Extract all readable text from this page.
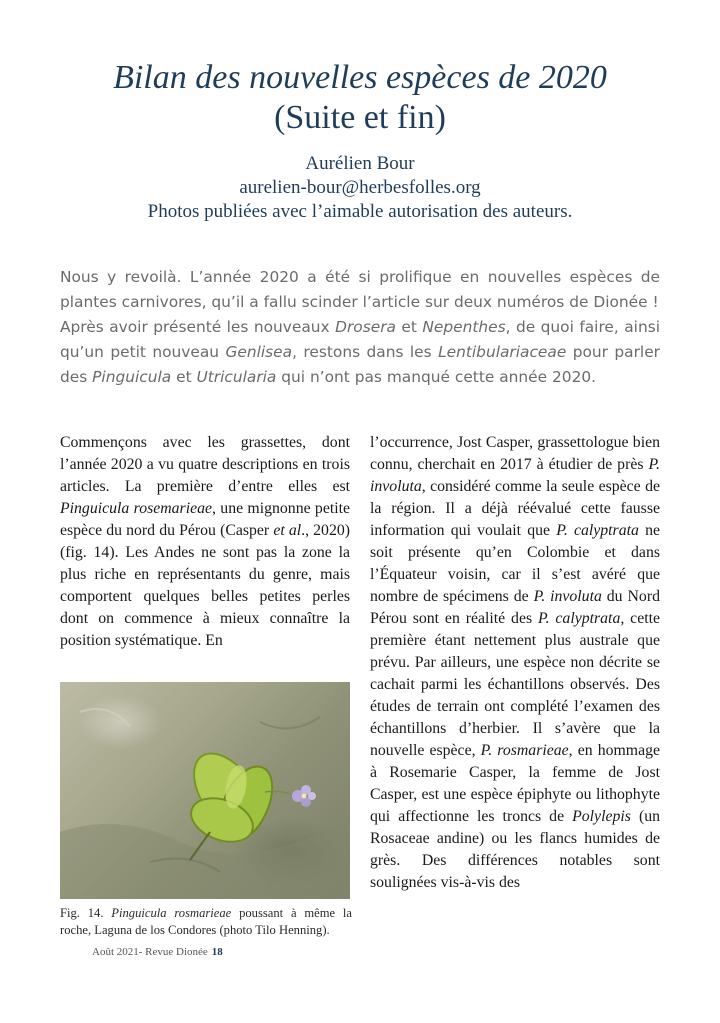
Bilan des nouvelles espèces de 2020
(Suite et fin)
Aurélien Bour
aurelien-bour@herbesfolles.org
Photos publiées avec l’aimable autorisation des auteurs.

Nous y revoilà. L’année 2020 a été si prolifique en nouvelles espèces de plantes carnivores, qu’il a fallu scinder l’article sur deux numéros de Dionée !

Après avoir présenté les nouveaux Drosera et Nepenthes, de quoi faire, ainsi qu’un petit nouveau Genlisea, restons dans les Lentibulariaceae pour parler des Pinguicula et Utricularia qui n’ont pas manqué cette année 2020.

Commençons avec les grassettes, dont l’année 2020 a vu quatre descriptions en trois articles. La première d’entre elles est Pinguicula rosemarieae, une mignonne petite espèce du nord du Pérou (Casper et al., 2020) (fig. 14). Les Andes ne sont pas la zone la plus riche en représentants du genre, mais comportent quelques belles petites perles dont on commence à mieux connaître la position systématique. En

Fig. 14. Pinguicula rosmarieae poussant à même la roche, Laguna de los Condores (photo Tilo Henning).

l’occurrence, Jost Casper, grassettologue bien connu, cherchait en 2017 à étudier de près P. involuta, considéré comme la seule espèce de la région. Il a déjà réévalué cette fausse information qui voulait que P. calyptrata ne soit présente qu’en Colombie et dans l’Équateur voisin, car il s’est avéré que nombre de spécimens de P. involuta du Nord Pérou sont en réalité des P. calyptrata, cette première étant nettement plus australe que prévu. Par ailleurs, une espèce non décrite se cachait parmi les échantillons observés. Des études de terrain ont complété l’examen des échantillons d’herbier. Il s’avère que la nouvelle espèce, P. rosmarieae, en hommage à Rosemarie Casper, la femme de Jost Casper, est une espèce épiphyte ou lithophyte qui affectionne les troncs de Polylepis (un Rosaceae andine) ou les flancs humides de grès. Des différences notables sont soulignées vis-à-vis des

Août 2021- Revue Dionée 18
